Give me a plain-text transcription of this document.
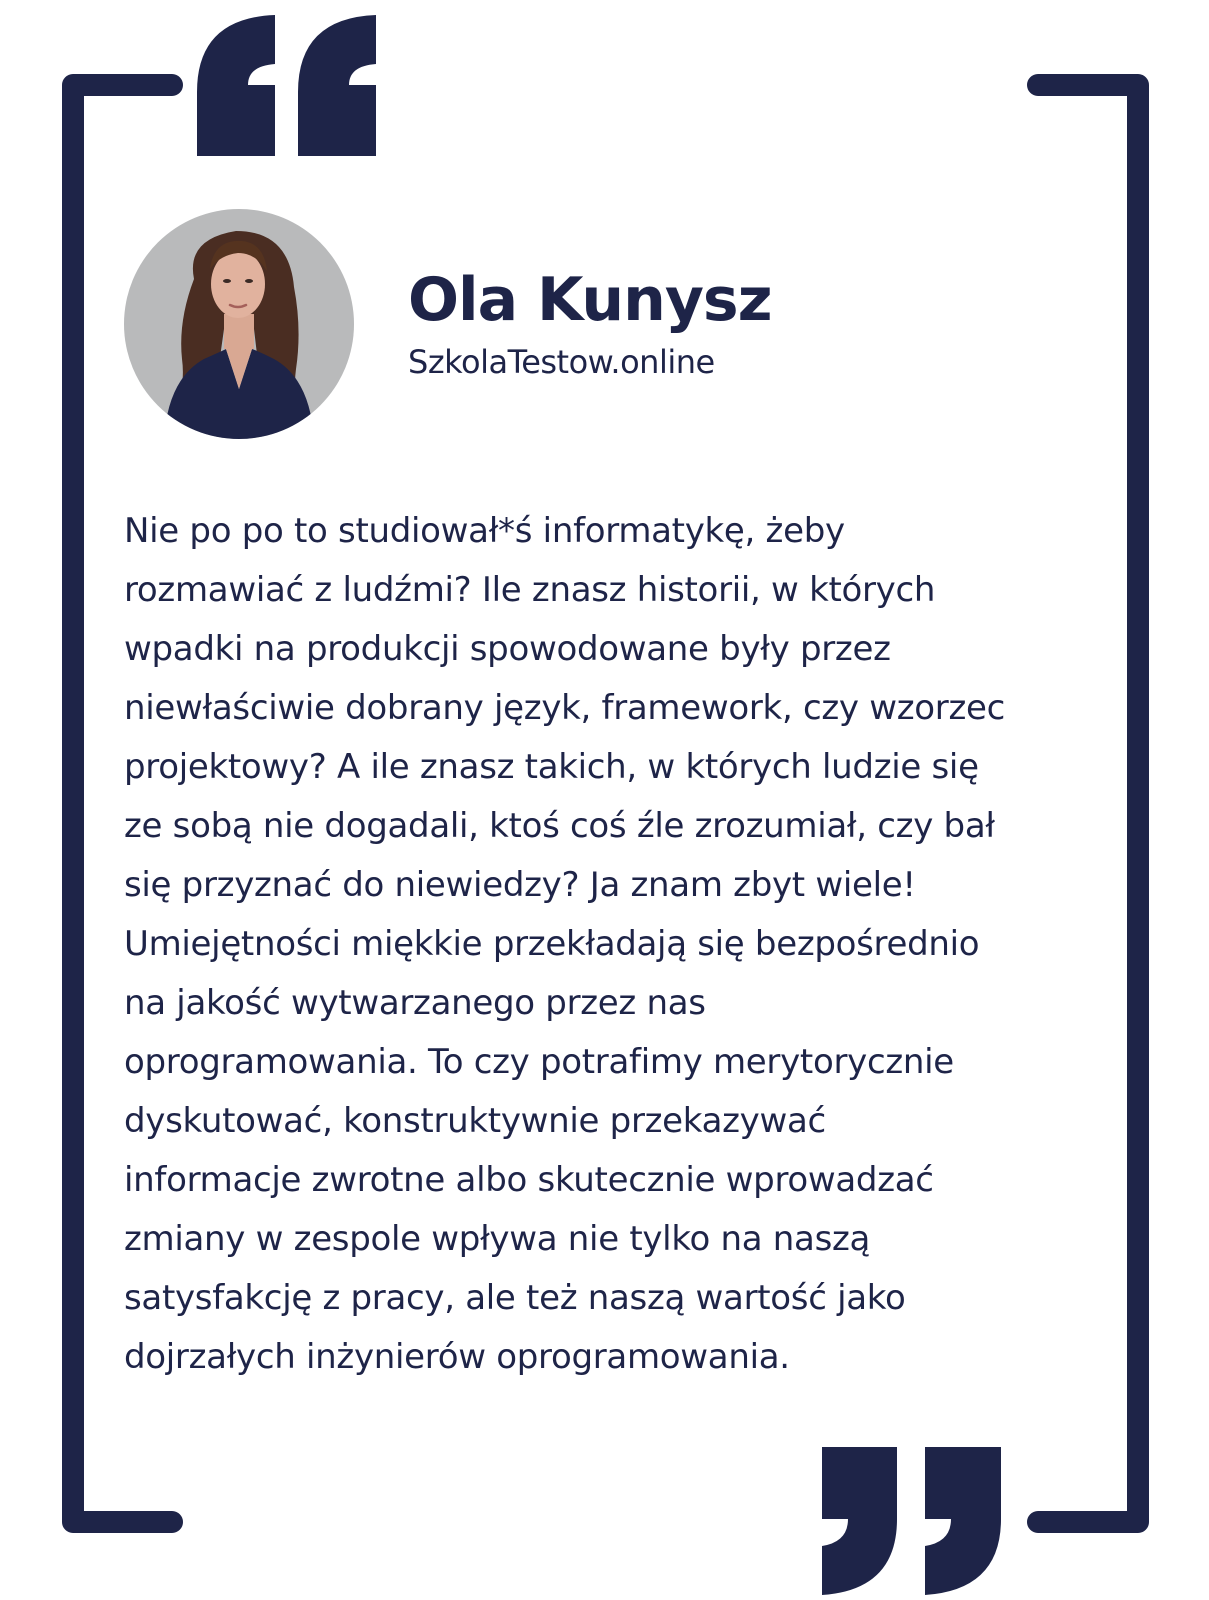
Ola Kunysz

SzkolaTestow.online

Nie po po to studiował*ś informatykę, żeby
rozmawiać z ludźmi? Ile znasz historii, w których
wpadki na produkcji spowodowane były przez
niewłaściwie dobrany język, framework, czy wzorzec
projektowy? A ile znasz takich, w których ludzie się
ze sobą nie dogadali, ktoś coś źle zrozumiał, czy bał
się przyznać do niewiedzy? Ja znam zbyt wiele!
Umiejętności miękkie przekładają się bezpośrednio
na jakość wytwarzanego przez nas
oprogramowania. To czy potrafimy merytorycznie
dyskutować, konstruktywnie przekazywać
informacje zwrotne albo skutecznie wprowadzać
zmiany w zespole wpływa nie tylko na naszą
satysfakcję z pracy, ale też naszą wartość jako
dojrzałych inżynierów oprogramowania.
